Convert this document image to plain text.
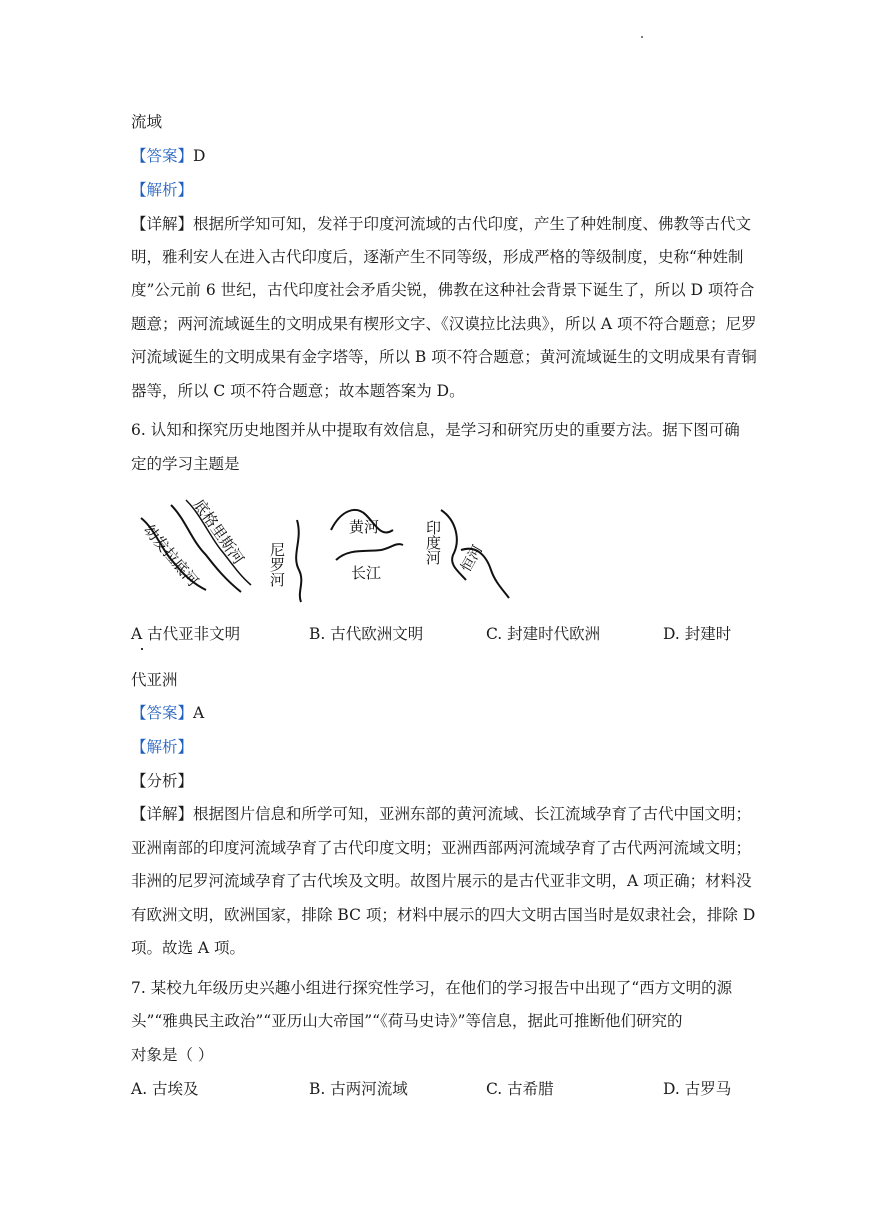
流域
【答案】D
【解析】
【详解】根据所学知可知，发祥于印度河流域的古代印度，产生了种姓制度、佛教等古代文
明，雅利安人在进入古代印度后，逐渐产生不同等级，形成严格的等级制度，史称“种姓制
度”公元前 6 世纪，古代印度社会矛盾尖锐，佛教在这种社会背景下诞生了，所以 D 项符合
题意；两河流域诞生的文明成果有楔形文字、《汉谟拉比法典》，所以 A 项不符合题意；尼罗
河流域诞生的文明成果有金字塔等，所以 B 项不符合题意；黄河流域诞生的文明成果有青铜
器等，所以 C 项不符合题意；故本题答案为 D。
6. 认知和探究历史地图并从中提取有效信息，是学习和研究历史的重要方法。据下图可确
定的学习主题是
幼发拉底河
底格里斯河 尼罗河
黄河
长江
印度河 恒河
A 古代亚非文明	B. 古代欧洲文明	C. 封建时代欧洲	D. 封建时
代亚洲
【答案】A
【解析】
【分析】
【详解】根据图片信息和所学可知，亚洲东部的黄河流域、长江流域孕育了古代中国文明；
亚洲南部的印度河流域孕育了古代印度文明；亚洲西部两河流域孕育了古代两河流域文明；
非洲的尼罗河流域孕育了古代埃及文明。故图片展示的是古代亚非文明，A 项正确；材料没
有欧洲文明，欧洲国家，排除 BC 项；材料中展示的四大文明古国当时是奴隶社会，排除 D
项。故选 A 项。
7. 某校九年级历史兴趣小组进行探究性学习，在他们的学习报告中出现了“西方文明的源
头”“雅典民主政治”“亚历山大帝国”“《荷马史诗》”等信息，据此可推断他们研究的
对象是（ ）
A. 古埃及	B. 古两河流域	C. 古希腊	D. 古罗马
